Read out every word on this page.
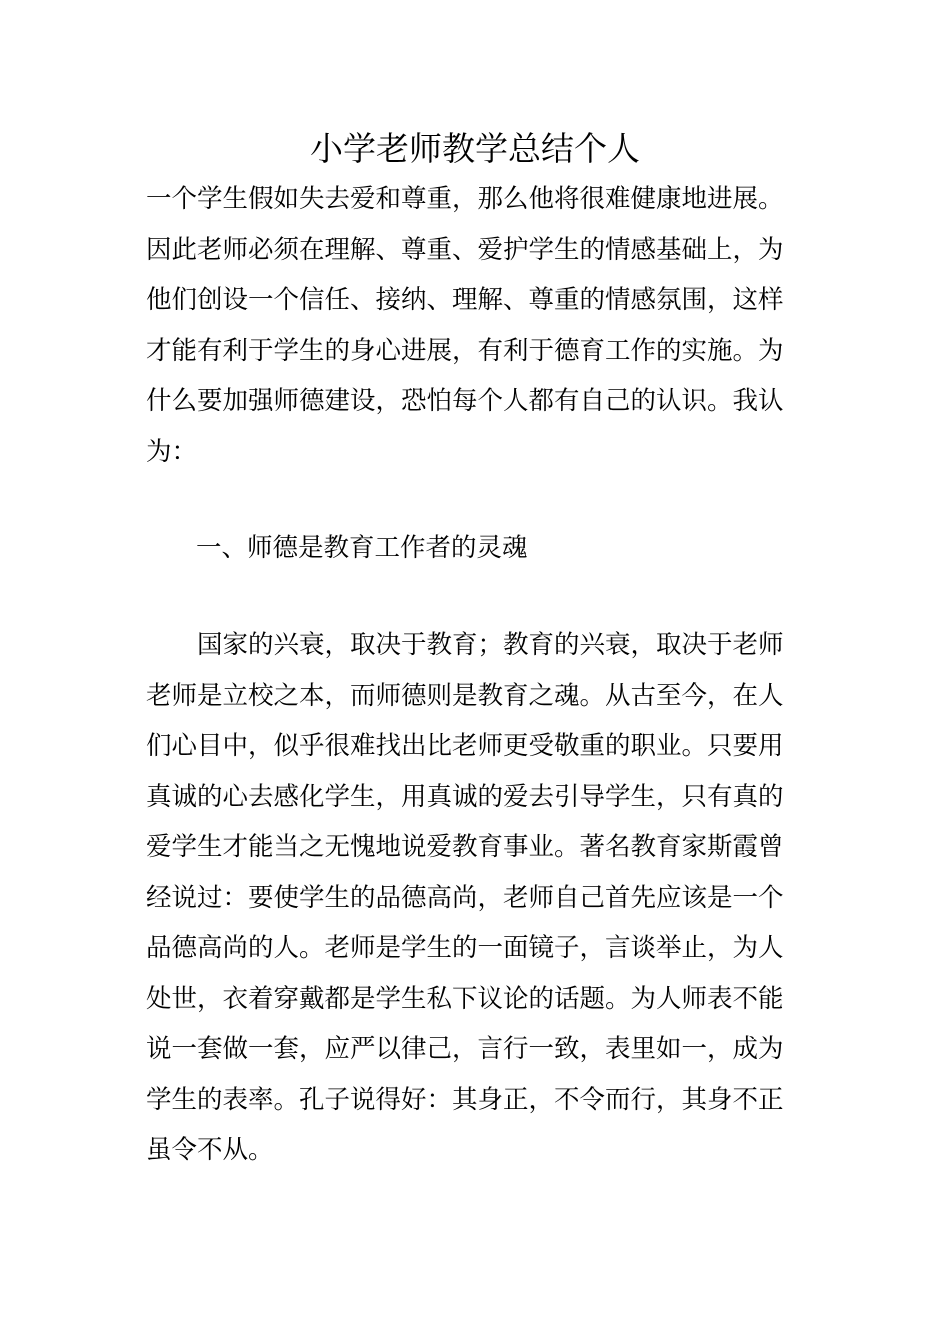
小学老师教学总结个人
一个学生假如失去爱和尊重，那么他将很难健康地进展。
因此老师必须在理解、尊重、爱护学生的情感基础上，为
他们创设一个信任、接纳、理解、尊重的情感氛围，这样
才能有利于学生的身心进展，有利于德育工作的实施。为
什么要加强师德建设，恐怕每个人都有自己的认识。我认
为：
一、师德是教育工作者的灵魂
国家的兴衰，取决于教育；教育的兴衰，取决于老师
老师是立校之本，而师德则是教育之魂。从古至今，在人
们心目中，似乎很难找出比老师更受敬重的职业。只要用
真诚的心去感化学生，用真诚的爱去引导学生，只有真的
爱学生才能当之无愧地说爱教育事业。著名教育家斯霞曾
经说过：要使学生的品德高尚，老师自己首先应该是一个
品德高尚的人。老师是学生的一面镜子，言谈举止，为人
处世，衣着穿戴都是学生私下议论的话题。为人师表不能
说一套做一套，应严以律己，言行一致，表里如一，成为
学生的表率。孔子说得好：其身正，不令而行，其身不正
虽令不从。
